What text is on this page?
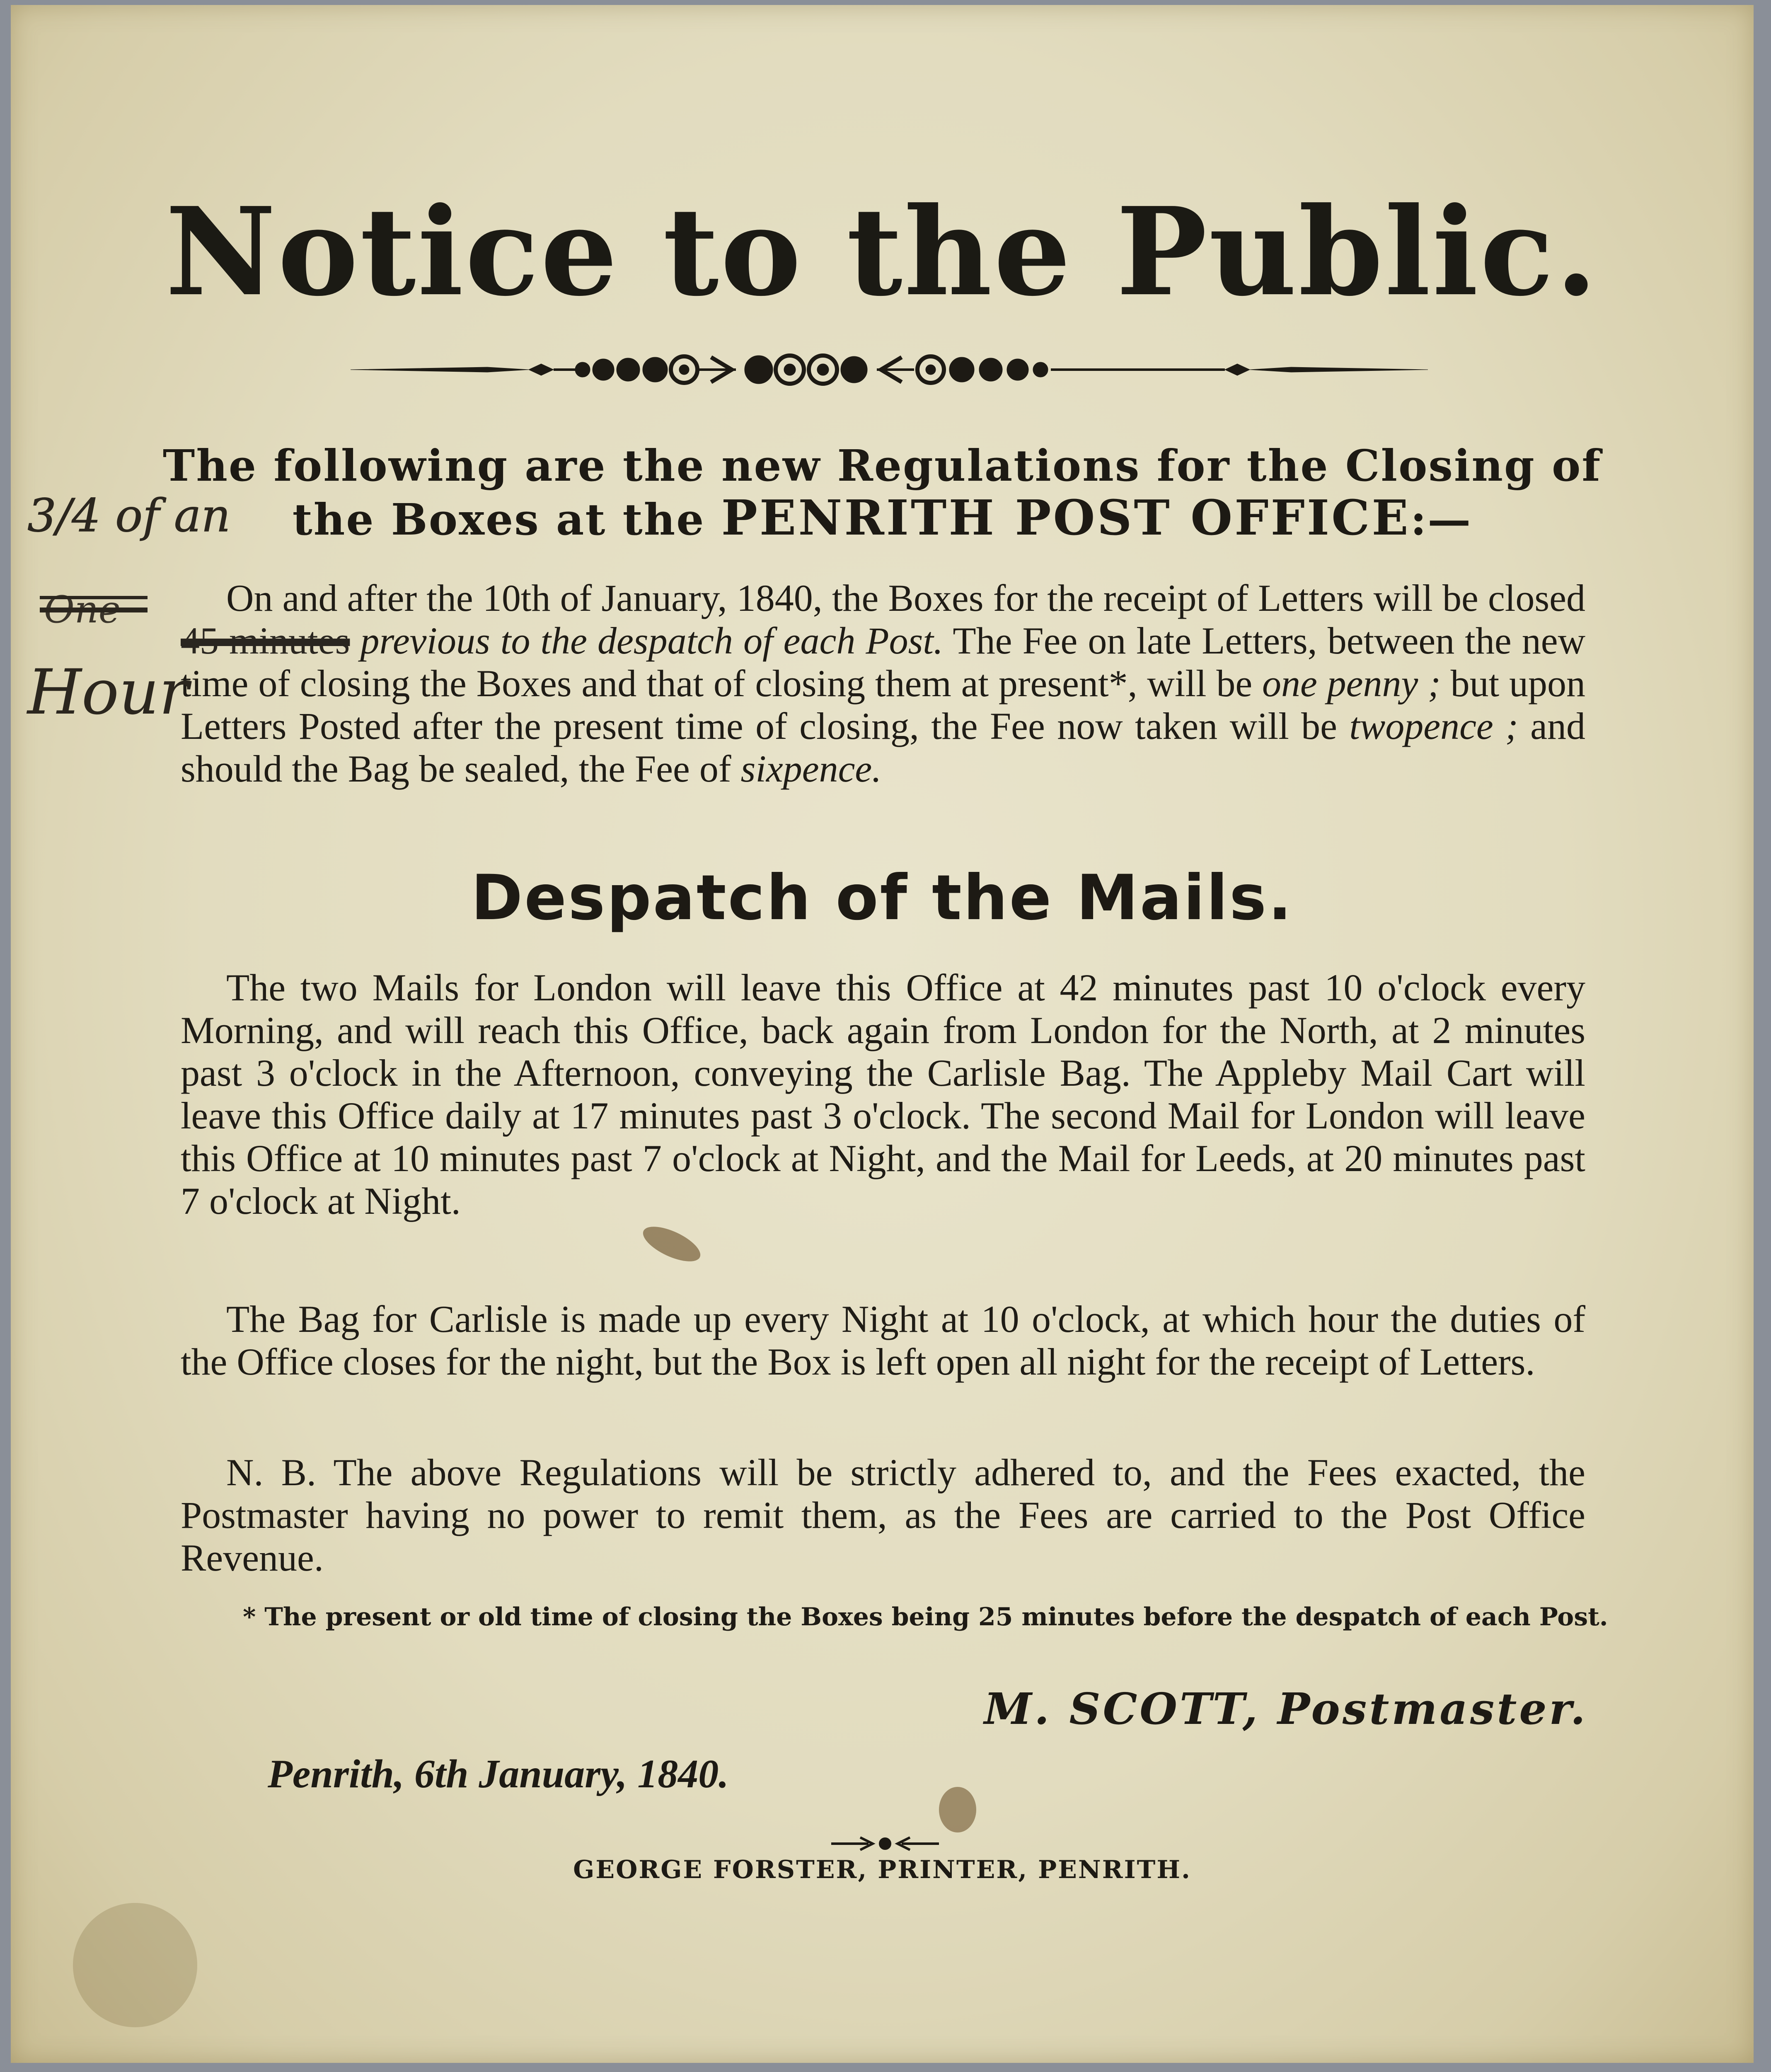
Notice to the Public.
The following are the new Regulations for the Closing of
the Boxes at the PENRITH POST OFFICE:—
On and after the 10th of January, 1840, the Boxes for the receipt of Letters will be closed 45 minutes previous to the despatch of each Post. The Fee on late Letters, between the new time of closing the Boxes and that of closing them at present*, will be one penny ; but upon Letters Posted after the present time of closing, the Fee now taken will be twopence ; and should the Bag be sealed, the Fee of sixpence.
Despatch of the Mails.
The two Mails for London will leave this Office at 42 minutes past 10 o'clock every Morning, and will reach this Office, back again from London for the North, at 2 minutes past 3 o'clock in the Afternoon, conveying the Carlisle Bag. The Appleby Mail Cart will leave this Office daily at 17 minutes past 3 o'clock. The second Mail for London will leave this Office at 10 minutes past 7 o'clock at Night, and the Mail for Leeds, at 20 minutes past 7 o'clock at Night.
The Bag for Carlisle is made up every Night at 10 o'clock, at which hour the duties of the Office closes for the night, but the Box is left open all night for the receipt of Letters.
N. B. The above Regulations will be strictly adhered to, and the Fees exacted, the Postmaster having no power to remit them, as the Fees are carried to the Post Office Revenue.
* The present or old time of closing the Boxes being 25 minutes before the despatch of each Post.
M. SCOTT, Postmaster.
Penrith, 6th January, 1840.
GEORGE FORSTER, PRINTER, PENRITH.
3/4 of an
One
Hour
